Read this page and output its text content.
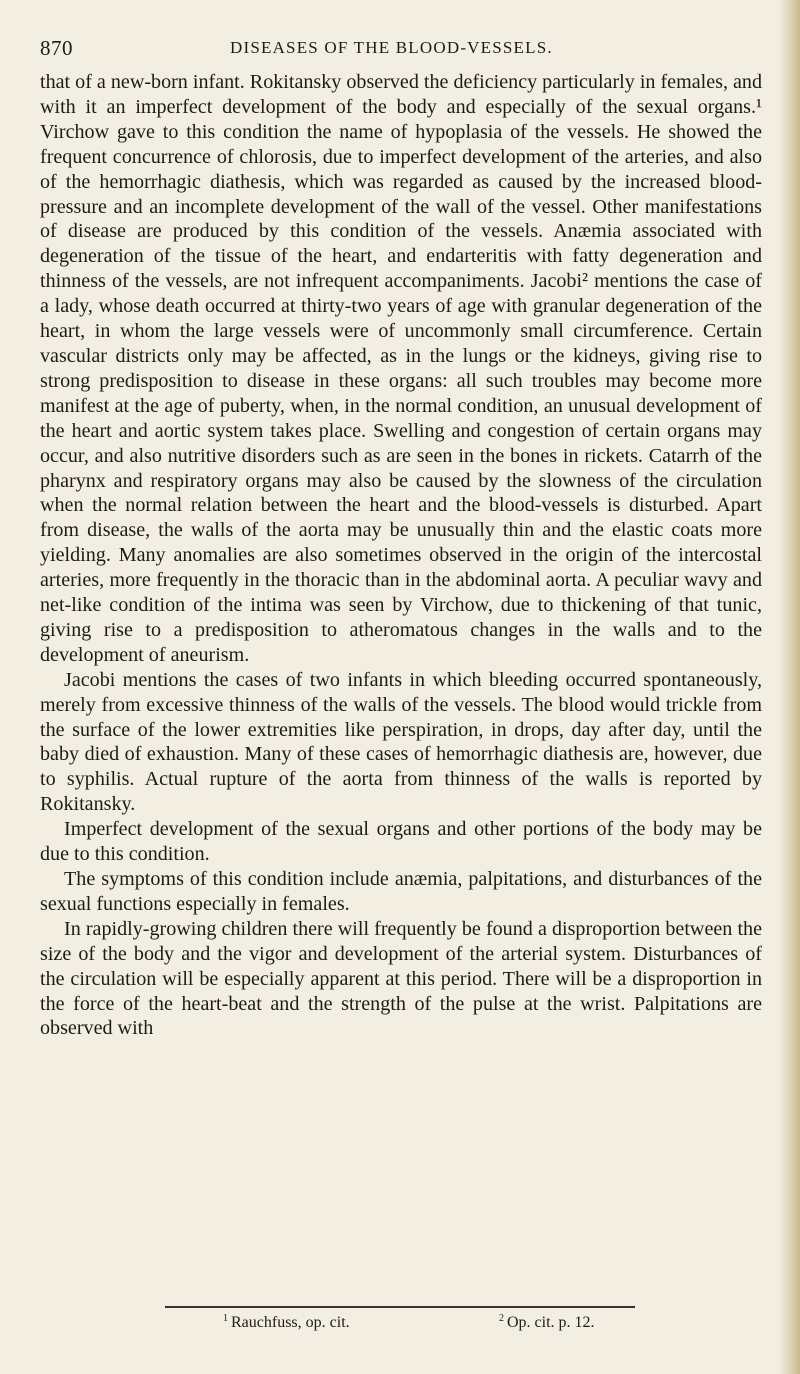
870	DISEASES OF THE BLOOD-VESSELS.

that of a new-born infant. Rokitansky observed the deficiency particularly in females, and with it an imperfect development of the body and especially of the sexual organs.¹ Virchow gave to this condition the name of hypoplasia of the vessels. He showed the frequent concurrence of chlorosis, due to imperfect development of the arteries, and also of the hemorrhagic diathesis, which was regarded as caused by the increased blood-pressure and an incomplete development of the wall of the vessel. Other manifestations of disease are produced by this condition of the vessels. Anæmia associated with degeneration of the tissue of the heart, and endarteritis with fatty degeneration and thinness of the vessels, are not infrequent accompaniments. Jacobi² mentions the case of a lady, whose death occurred at thirty-two years of age with granular degeneration of the heart, in whom the large vessels were of uncommonly small circumference. Certain vascular districts only may be affected, as in the lungs or the kidneys, giving rise to strong predisposition to disease in these organs: all such troubles may become more manifest at the age of puberty, when, in the normal condition, an unusual development of the heart and aortic system takes place. Swelling and congestion of certain organs may occur, and also nutritive disorders such as are seen in the bones in rickets. Catarrh of the pharynx and respiratory organs may also be caused by the slowness of the circulation when the normal relation between the heart and the blood-vessels is disturbed. Apart from disease, the walls of the aorta may be unusually thin and the elastic coats more yielding. Many anomalies are also sometimes observed in the origin of the intercostal arteries, more frequently in the thoracic than in the abdominal aorta. A peculiar wavy and net-like condition of the intima was seen by Virchow, due to thickening of that tunic, giving rise to a predisposition to atheromatous changes in the walls and to the development of aneurism.

Jacobi mentions the cases of two infants in which bleeding occurred spontaneously, merely from excessive thinness of the walls of the vessels. The blood would trickle from the surface of the lower extremities like perspiration, in drops, day after day, until the baby died of exhaustion. Many of these cases of hemorrhagic diathesis are, however, due to syphilis. Actual rupture of the aorta from thinness of the walls is reported by Rokitansky.

Imperfect development of the sexual organs and other portions of the body may be due to this condition.

The symptoms of this condition include anæmia, palpitations, and disturbances of the sexual functions especially in females.

In rapidly-growing children there will frequently be found a disproportion between the size of the body and the vigor and development of the arterial system. Disturbances of the circulation will be especially apparent at this period. There will be a disproportion in the force of the heart-beat and the strength of the pulse at the wrist. Palpitations are observed with

$^1$ Rauchfuss, op. cit.	$^2$ Op. cit. p. 12.
